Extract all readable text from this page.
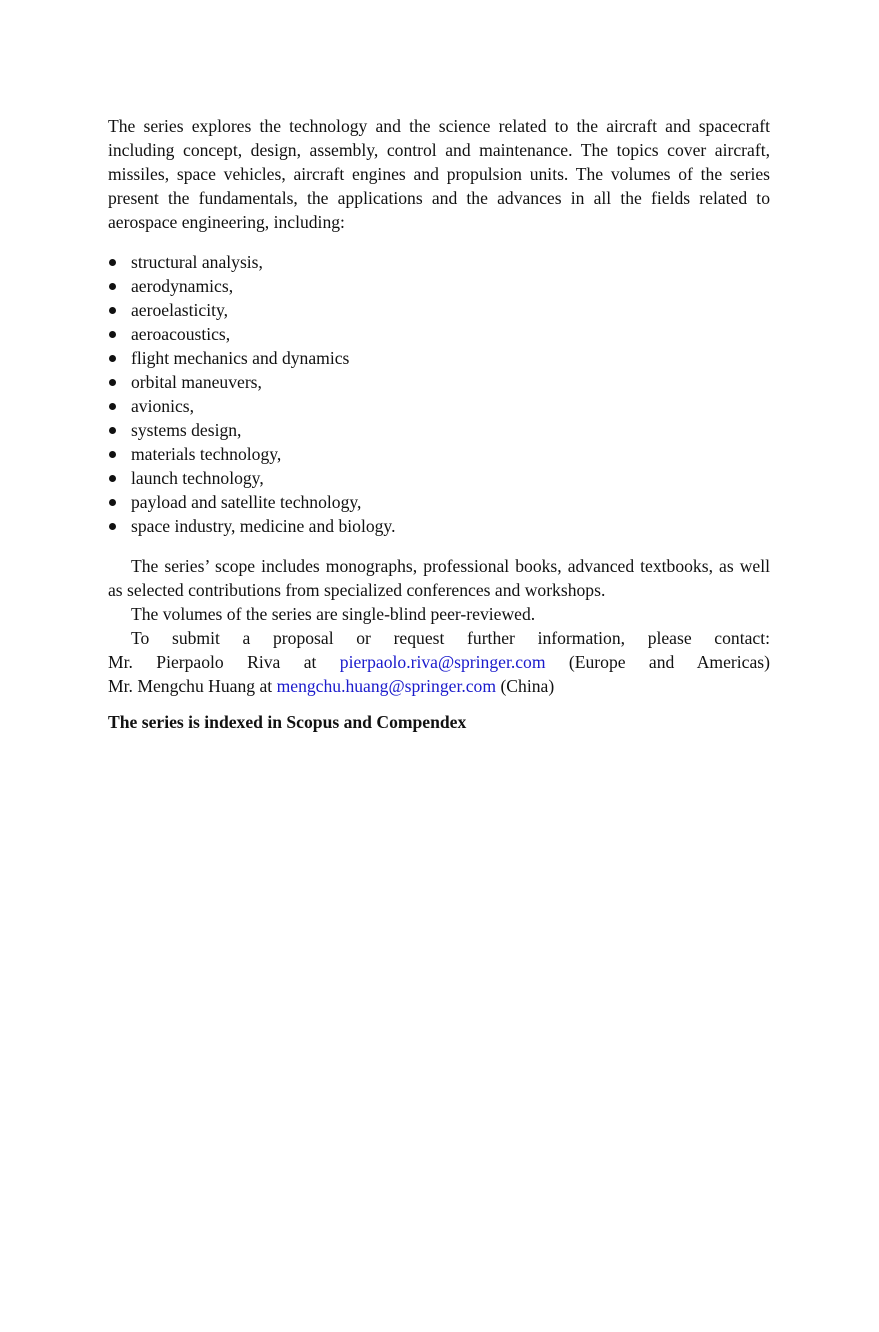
The series explores the technology and the science related to the aircraft and spacecraft including concept, design, assembly, control and maintenance. The topics cover aircraft, missiles, space vehicles, aircraft engines and propulsion units. The volumes of the series present the fundamentals, the applications and the advances in all the fields related to aerospace engineering, including:

structural analysis,
aerodynamics,
aeroelasticity,
aeroacoustics,
flight mechanics and dynamics
orbital maneuvers,
avionics,
systems design,
materials technology,
launch technology,
payload and satellite technology,
space industry, medicine and biology.

The series’ scope includes monographs, professional books, advanced textbooks, as well as selected contributions from specialized conferences and workshops.

The volumes of the series are single-blind peer-reviewed.

To submit a proposal or request further information, please contact:

Mr. Pierpaolo Riva at pierpaolo.riva@springer.com (Europe and Americas)

Mr. Mengchu Huang at mengchu.huang@springer.com (China)

The series is indexed in Scopus and Compendex
